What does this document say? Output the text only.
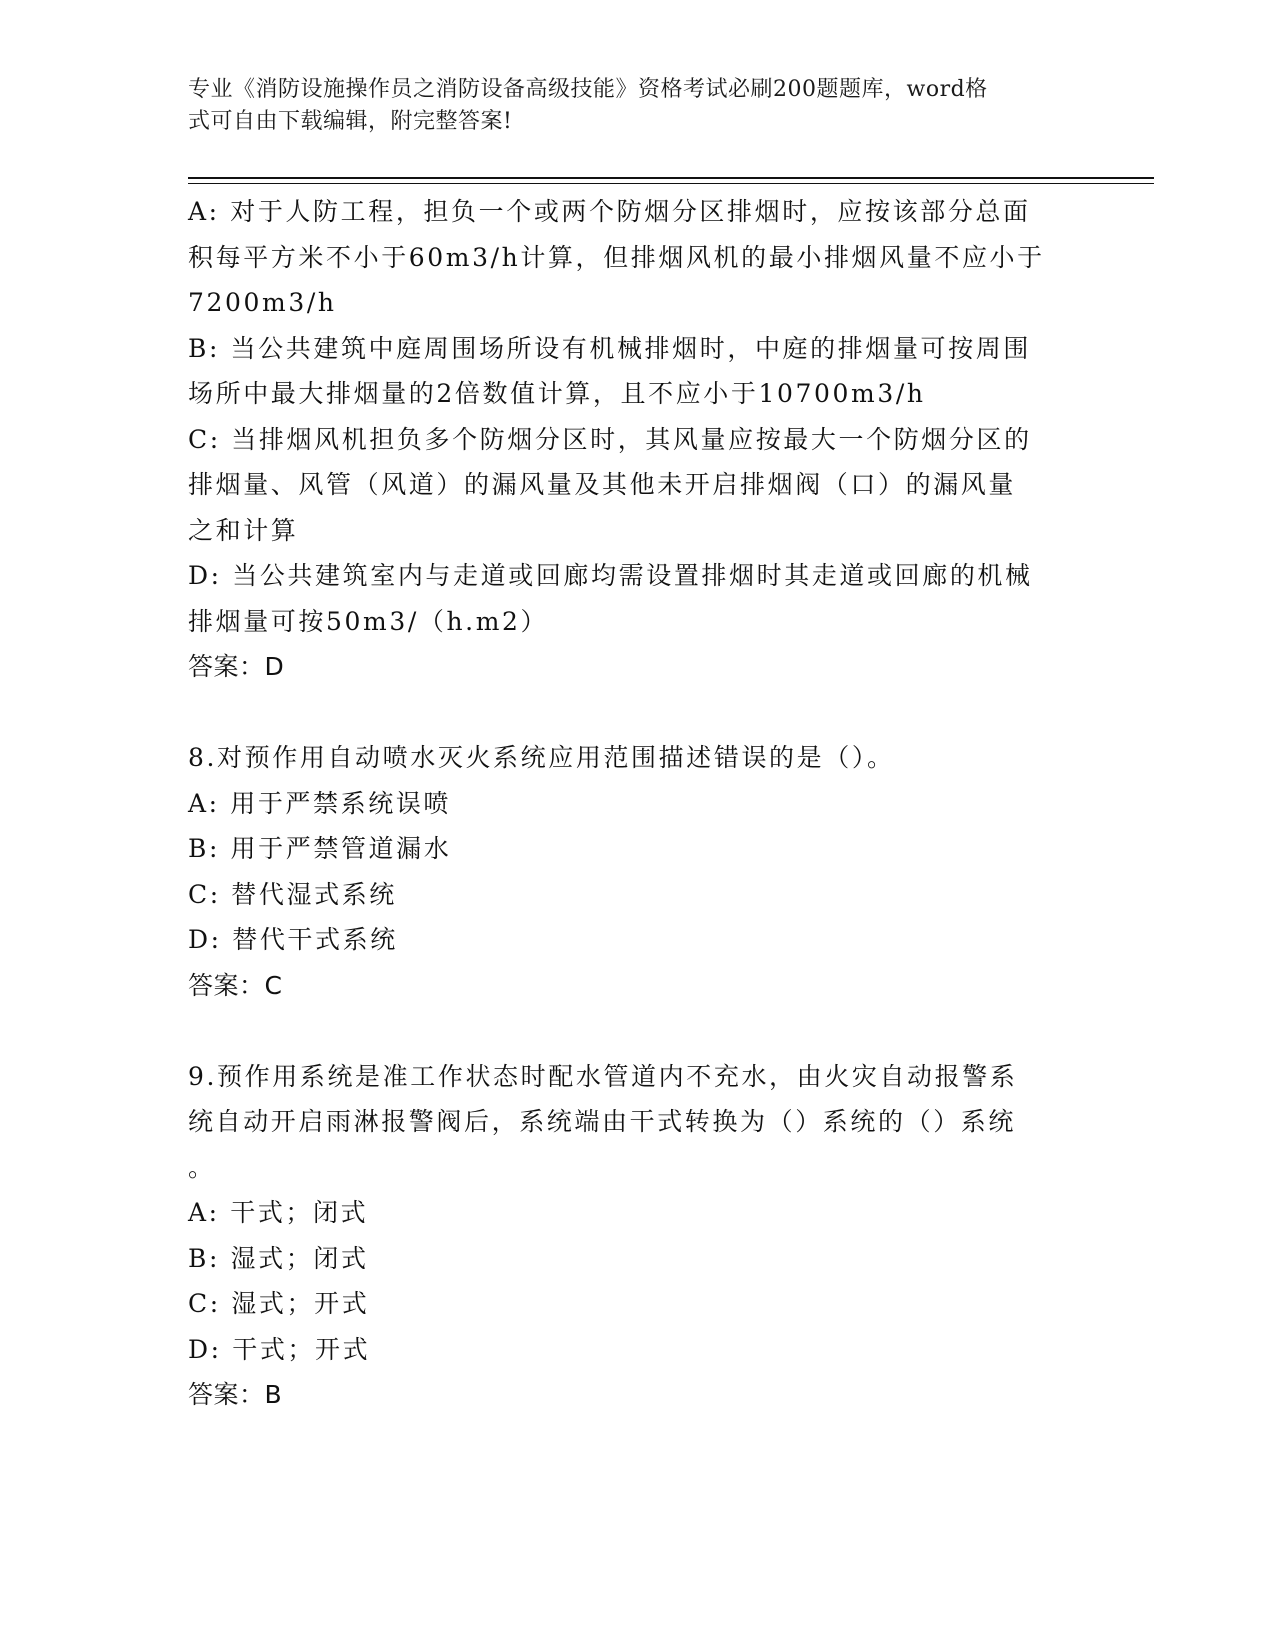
专业《消防设施操作员之消防设备高级技能》资格考试必刷200题题库，word格
式可自由下载编辑，附完整答案!
A: 对于人防工程，担负一个或两个防烟分区排烟时，应按该部分总面
积每平方米不小于60m3/h计算，但排烟风机的最小排烟风量不应小于
7200m3/h
B: 当公共建筑中庭周围场所设有机械排烟时，中庭的排烟量可按周围
场所中最大排烟量的2倍数值计算，且不应小于10700m3/h
C: 当排烟风机担负多个防烟分区时，其风量应按最大一个防烟分区的
排烟量、风管（风道）的漏风量及其他未开启排烟阀（口）的漏风量
之和计算
D: 当公共建筑室内与走道或回廊均需设置排烟时其走道或回廊的机械
排烟量可按50m3/（h.m2）
答案：D
8.对预作用自动喷水灭火系统应用范围描述错误的是（）。
A: 用于严禁系统误喷
B: 用于严禁管道漏水
C: 替代湿式系统
D: 替代干式系统
答案：C
9.预作用系统是准工作状态时配水管道内不充水，由火灾自动报警系
统自动开启雨淋报警阀后，系统端由干式转换为（）系统的（）系统
。
A: 干式；闭式
B: 湿式；闭式
C: 湿式；开式
D: 干式；开式
答案：B
